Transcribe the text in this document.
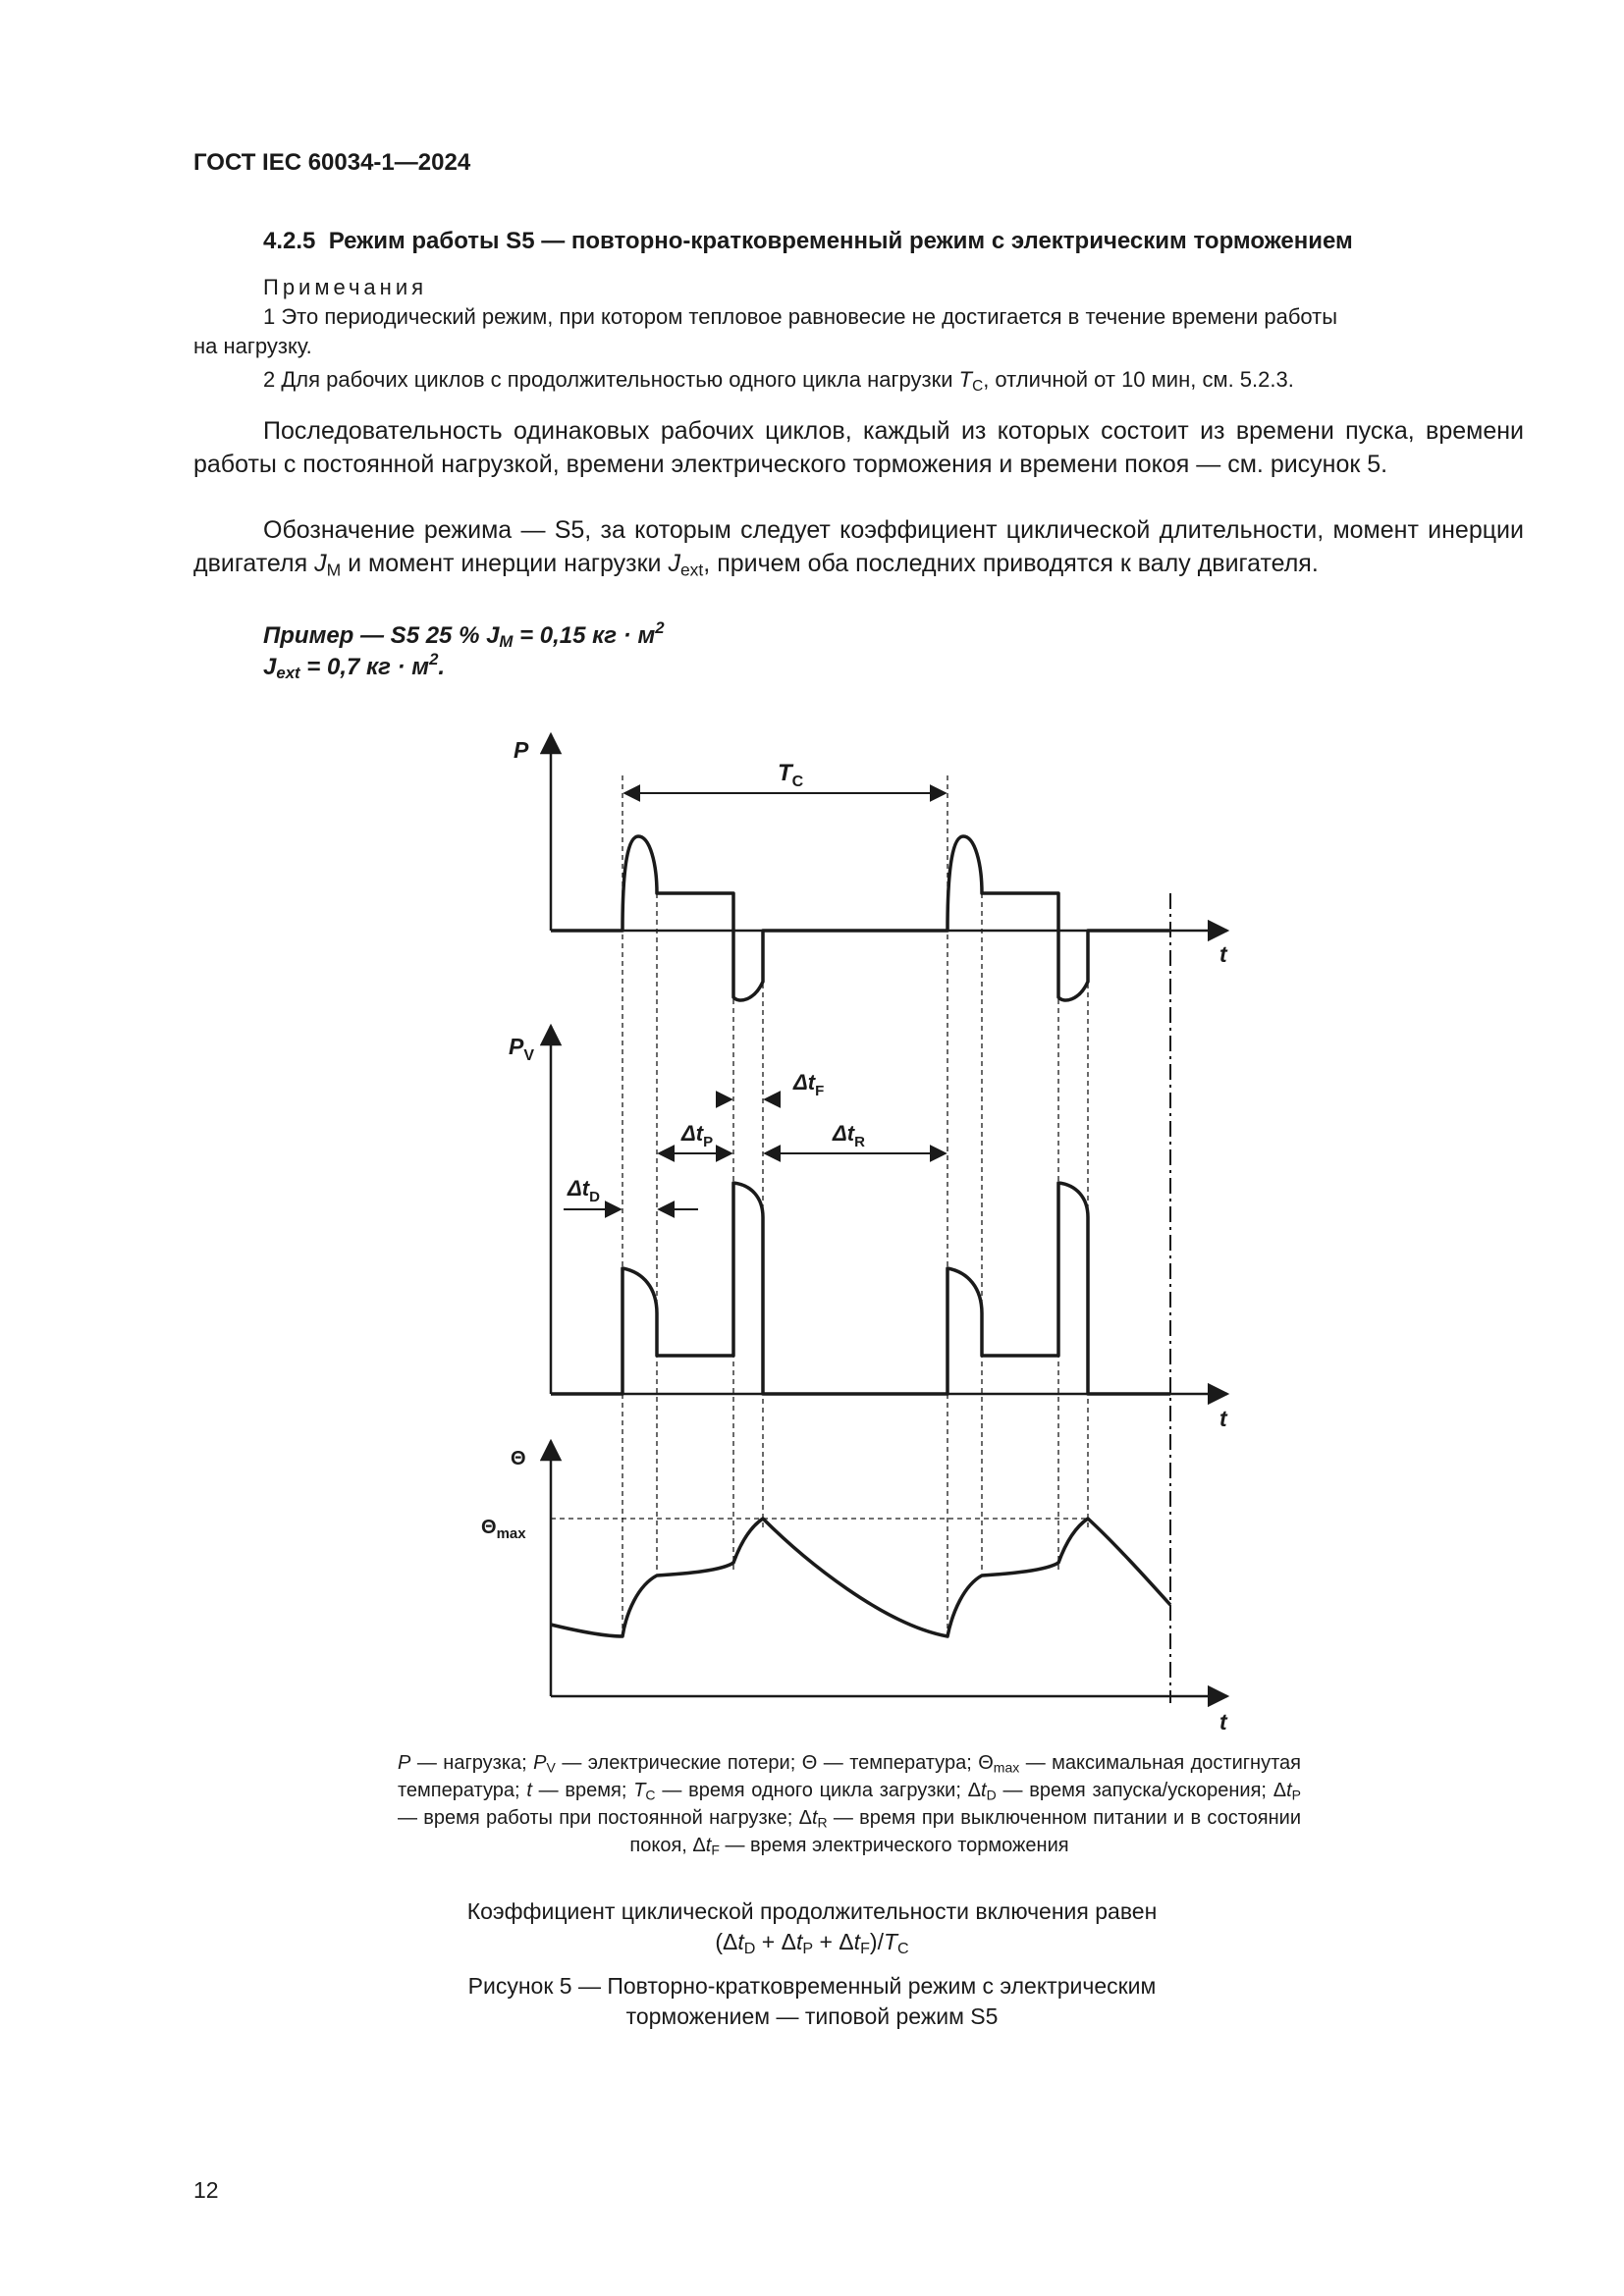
ГОСТ IEC 60034-1—2024
4.2.5 Режим работы S5 — повторно-кратковременный режим с электрическим торможением
Примечания
1 Это периодический режим, при котором тепловое равновесие не достигается в течение времени работы
на нагрузку.
2 Для рабочих циклов с продолжительностью одного цикла нагрузки $T_C$, отличной от 10 мин, см. 5.2.3.
Последовательность одинаковых рабочих циклов, каждый из которых состоит из времени пуска, времени работы с постоянной нагрузкой, времени электрического торможения и времени покоя — см. рисунок 5.
Обозначение режима — S5, за которым следует коэффициент циклической длительности, момент инерции двигателя $J_M$ и момент инерции нагрузки $J_{ext}$, причем оба последних приводятся к валу двигателя.
Пример — S5 25 % $J_M = 0,15$ кг · $м^2$
$J_{ext} = 0,7$ кг · $м^2$.
P
t
$T_C$
$P_V$
t
$\Delta t_F$
$\Delta t_P$	$\Delta t_R$
$\Delta t_D$
Θ
$\Theta_{max}$
t
P — нагрузка; $P_V$ — электрические потери; Θ — температура; $\Theta_{max}$ — максимальная достигнутая температура; t — время; $T_C$ — время одного цикла загрузки; $\Delta t_D$ — время запуска/ускорения; $\Delta t_P$ — время работы при постоянной нагрузке; $\Delta t_R$ — время при выключенном питании и в состоянии покоя, $\Delta t_F$ — время электрического торможения
Коэффициент циклической продолжительности включения равен
$(\Delta t_D + \Delta t_P + \Delta t_F)/T_C$
Рисунок 5 — Повторно-кратковременный режим с электрическим
торможением — типовой режим S5
12
